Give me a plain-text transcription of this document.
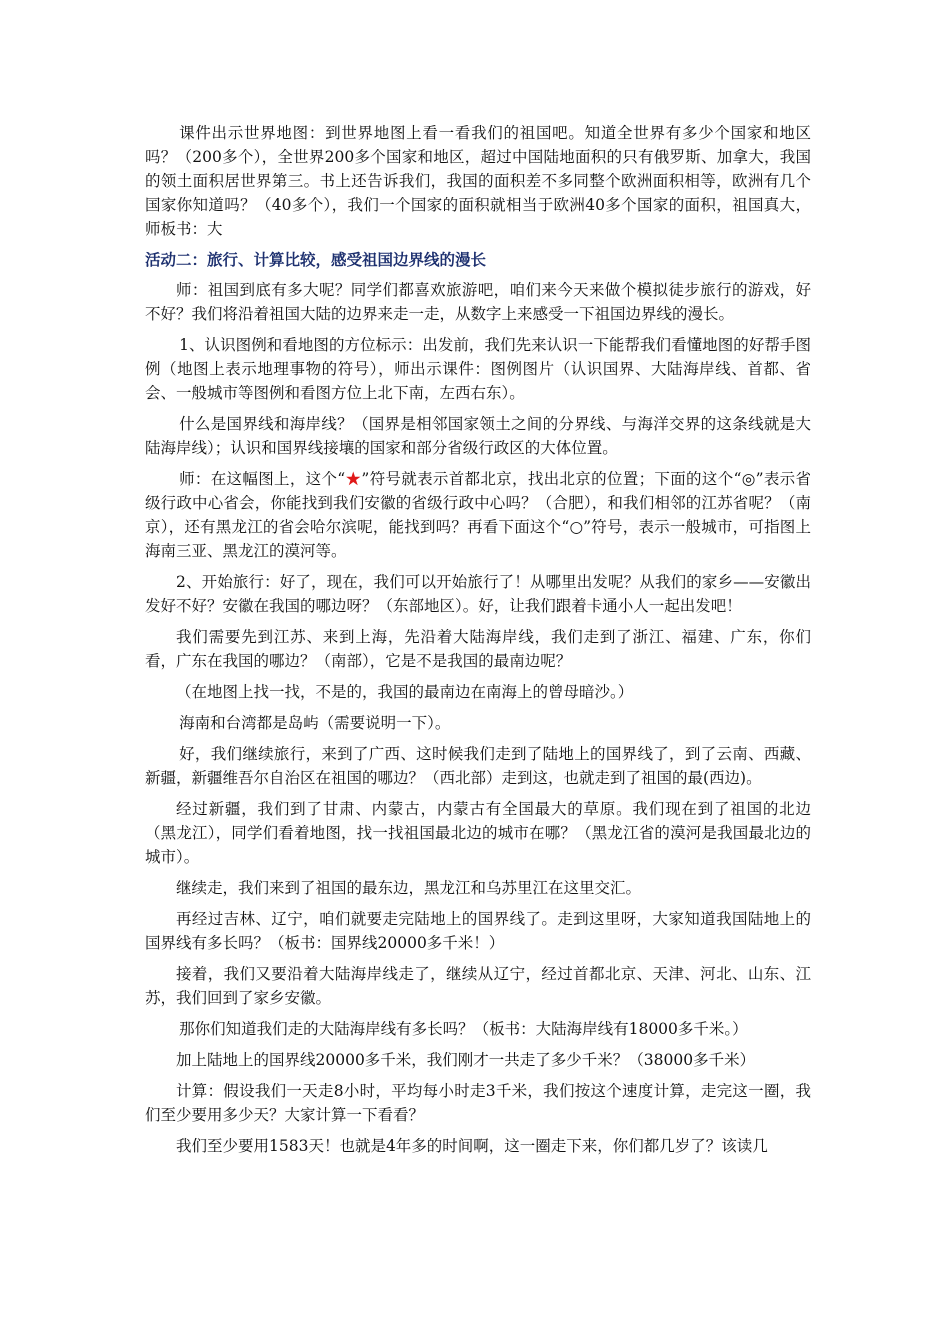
课件出示世界地图：到世界地图上看一看我们的祖国吧。知道全世界有多少个国家和地区吗？（200多个），全世界200多个国家和地区，超过中国陆地面积的只有俄罗斯、加拿大，我国的领土面积居世界第三。书上还告诉我们，我国的面积差不多同整个欧洲面积相等，欧洲有几个国家你知道吗？（40多个），我们一个国家的面积就相当于欧洲40多个国家的面积，祖国真大，师板书：大

活动二：旅行、计算比较，感受祖国边界线的漫长

师：祖国到底有多大呢？同学们都喜欢旅游吧，咱们来今天来做个模拟徒步旅行的游戏，好不好？我们将沿着祖国大陆的边界来走一走，从数字上来感受一下祖国边界线的漫长。

1、认识图例和看地图的方位标示：出发前，我们先来认识一下能帮我们看懂地图的好帮手图例（地图上表示地理事物的符号），师出示课件：图例图片（认识国界、大陆海岸线、首都、省会、一般城市等图例和看图方位上北下南，左西右东）。

什么是国界线和海岸线？（国界是相邻国家领土之间的分界线、与海洋交界的这条线就是大陆海岸线）；认识和国界线接壤的国家和部分省级行政区的大体位置。

师：在这幅图上，这个“★”符号就表示首都北京，找出北京的位置；下面的这个“◎”表示省级行政中心省会，你能找到我们安徽的省级行政中心吗？（合肥），和我们相邻的江苏省呢？（南京），还有黑龙江的省会哈尔滨呢，能找到吗？再看下面这个“○”符号，表示一般城市，可指图上海南三亚、黑龙江的漠河等。

2、开始旅行：好了，现在，我们可以开始旅行了！从哪里出发呢？从我们的家乡——安徽出发好不好？安徽在我国的哪边呀？（东部地区）。好，让我们跟着卡通小人一起出发吧！

我们需要先到江苏、来到上海，先沿着大陆海岸线，我们走到了浙江、福建、广东，你们看，广东在我国的哪边？（南部），它是不是我国的最南边呢？

（在地图上找一找，不是的，我国的最南边在南海上的曾母暗沙。）

海南和台湾都是岛屿（需要说明一下）。

好，我们继续旅行，来到了广西、这时候我们走到了陆地上的国界线了，到了云南、西藏、新疆，新疆维吾尔自治区在祖国的哪边？（西北部）走到这，也就走到了祖国的最(西边)。

经过新疆，我们到了甘肃、内蒙古，内蒙古有全国最大的草原。我们现在到了祖国的北边（黑龙江），同学们看着地图，找一找祖国最北边的城市在哪？（黑龙江省的漠河是我国最北边的城市）。

继续走，我们来到了祖国的最东边，黑龙江和乌苏里江在这里交汇。

再经过吉林、辽宁，咱们就要走完陆地上的国界线了。走到这里呀，大家知道我国陆地上的国界线有多长吗？（板书：国界线20000多千米！）

接着，我们又要沿着大陆海岸线走了，继续从辽宁，经过首都北京、天津、河北、山东、江苏，我们回到了家乡安徽。

那你们知道我们走的大陆海岸线有多长吗？（板书：大陆海岸线有18000多千米。）

加上陆地上的国界线20000多千米，我们刚才一共走了多少千米？（38000多千米）

计算：假设我们一天走8小时，平均每小时走3千米，我们按这个速度计算，走完这一圈，我们至少要用多少天？大家计算一下看看？

我们至少要用1583天！也就是4年多的时间啊，这一圈走下来，你们都几岁了？该读几
